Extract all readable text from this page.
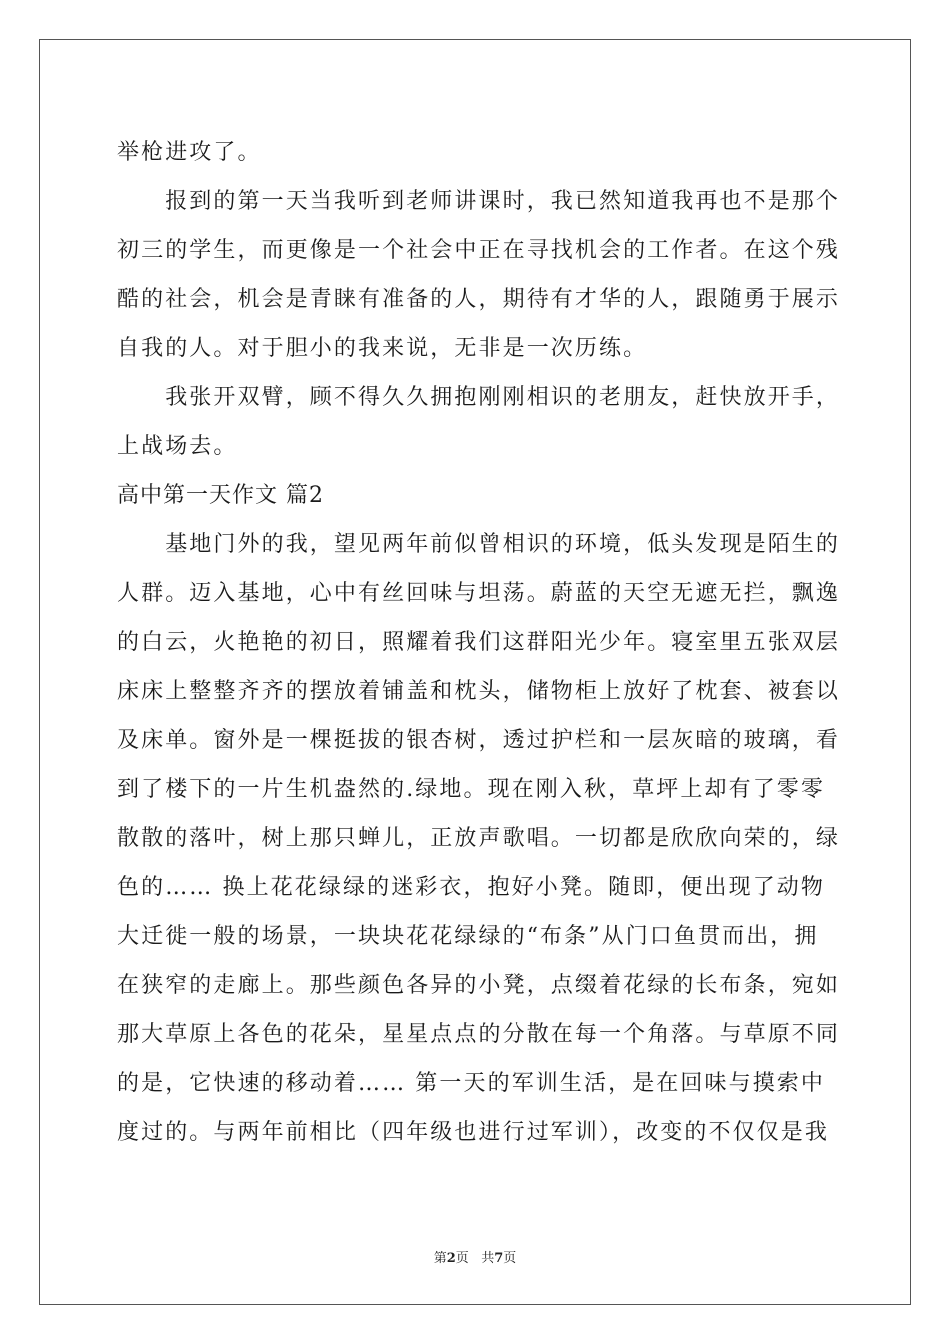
举枪进攻了。
　　报到的第一天当我听到老师讲课时，我已然知道我再也不是那个
初三的学生，而更像是一个社会中正在寻找机会的工作者。在这个残
酷的社会，机会是青睐有准备的人，期待有才华的人，跟随勇于展示
自我的人。对于胆小的我来说，无非是一次历练。
　　我张开双臂，顾不得久久拥抱刚刚相识的老朋友，赶快放开手，
上战场去。
高中第一天作文 篇2
　　基地门外的我，望见两年前似曾相识的环境，低头发现是陌生的
人群。迈入基地，心中有丝回味与坦荡。蔚蓝的天空无遮无拦，飘逸
的白云，火艳艳的初日，照耀着我们这群阳光少年。寝室里五张双层
床床上整整齐齐的摆放着铺盖和枕头，储物柜上放好了枕套、被套以
及床单。窗外是一棵挺拔的银杏树，透过护栏和一层灰暗的玻璃，看
到了楼下的一片生机盎然的.绿地。现在刚入秋，草坪上却有了零零
散散的落叶，树上那只蝉儿，正放声歌唱。一切都是欣欣向荣的，绿
色的…… 换上花花绿绿的迷彩衣，抱好小凳。随即，便出现了动物
大迁徙一般的场景，一块块花花绿绿的“布条”从门口鱼贯而出，拥
在狭窄的走廊上。那些颜色各异的小凳，点缀着花绿的长布条，宛如
那大草原上各色的花朵，星星点点的分散在每一个角落。与草原不同
的是，它快速的移动着…… 第一天的军训生活，是在回味与摸索中
度过的。与两年前相比（四年级也进行过军训），改变的不仅仅是我
第2页 共7页
